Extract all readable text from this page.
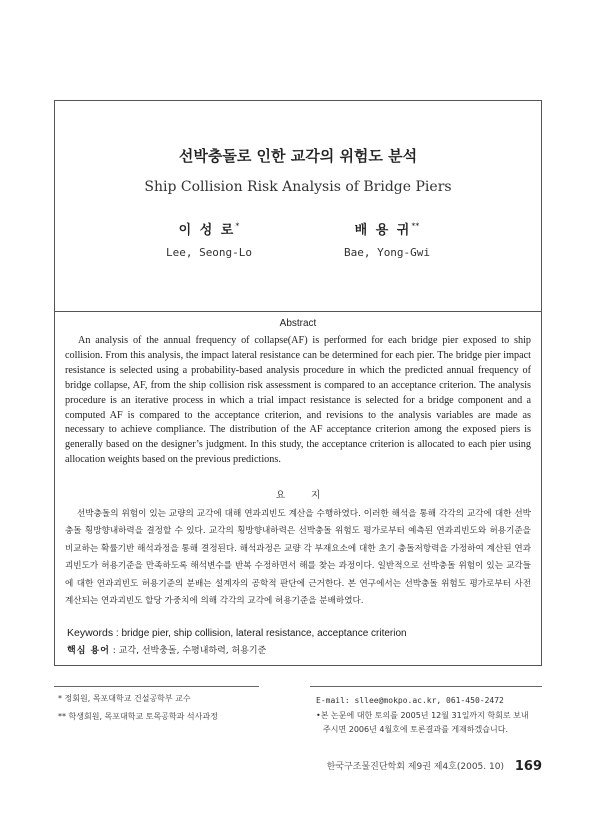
선박충돌로 인한 교각의 위험도 분석
Ship Collision Risk Analysis of Bridge Piers
이 성 로*
Lee, Seong-Lo
배 용 귀**
Bae, Yong-Gwi
Abstract
An analysis of the annual frequency of collapse(AF) is performed for each bridge pier exposed to ship collision. From this analysis, the impact lateral resistance can be determined for each pier. The bridge pier impact resistance is selected using a probability-based analysis procedure in which the predicted annual frequency of bridge collapse, AF, from the ship collision risk assessment is compared to an acceptance criterion. The analysis procedure is an iterative process in which a trial impact resistance is selected for a bridge component and a computed AF is compared to the acceptance criterion, and revisions to the analysis variables are made as necessary to achieve compliance. The distribution of the AF acceptance criterion among the exposed piers is generally based on the designer’s judgment. In this study, the acceptance criterion is allocated to each pier using allocation weights based on the previous predictions.
요지
선박충돌의 위험이 있는 교량의 교각에 대해 연과괴빈도 계산을 수행하였다. 이러한 해석을 통해 각각의 교각에 대한 선박충돌 횡방향내하력을 결정할 수 있다. 교각의 횡방향내하력은 선박충돌 위험도 평가로부터 예측된 연과괴빈도와 허용기준을 비교하는 확률기반 해석과정을 통해 결정된다. 해석과정은 교량 각 부재요소에 대한 초기 충돌저항력을 가정하여 계산된 연과괴빈도가 허용기준을 만족하도록 해석변수를 반복 수정하면서 해를 찾는 과정이다. 일반적으로 선박충돌 위험이 있는 교각들에 대한 연과괴빈도 허용기준의 분배는 설계자의 공학적 판단에 근거한다. 본 연구에서는 선박충돌 위험도 평가로부터 사전 계산되는 연과괴빈도 할당 가중치에 의해 각각의 교각에 허용기준을 분배하였다.
Keywords : bridge pier, ship collision, lateral resistance, acceptance criterion
핵심 용어 : 교각, 선박충돌, 수평내하력, 허용기준
* 정회원, 목포대학교 건설공학부 교수
** 학생회원, 목포대학교 토목공학과 석사과정
E-mail: sllee@mokpo.ac.kr, 061-450-2472
•본 논문에 대한 토의를 2005년 12월 31일까지 학회로 보내
주시면 2006년 4월호에 토론결과를 게재하겠습니다.
한국구조물진단학회 제9권 제4호(2005. 10) 169
